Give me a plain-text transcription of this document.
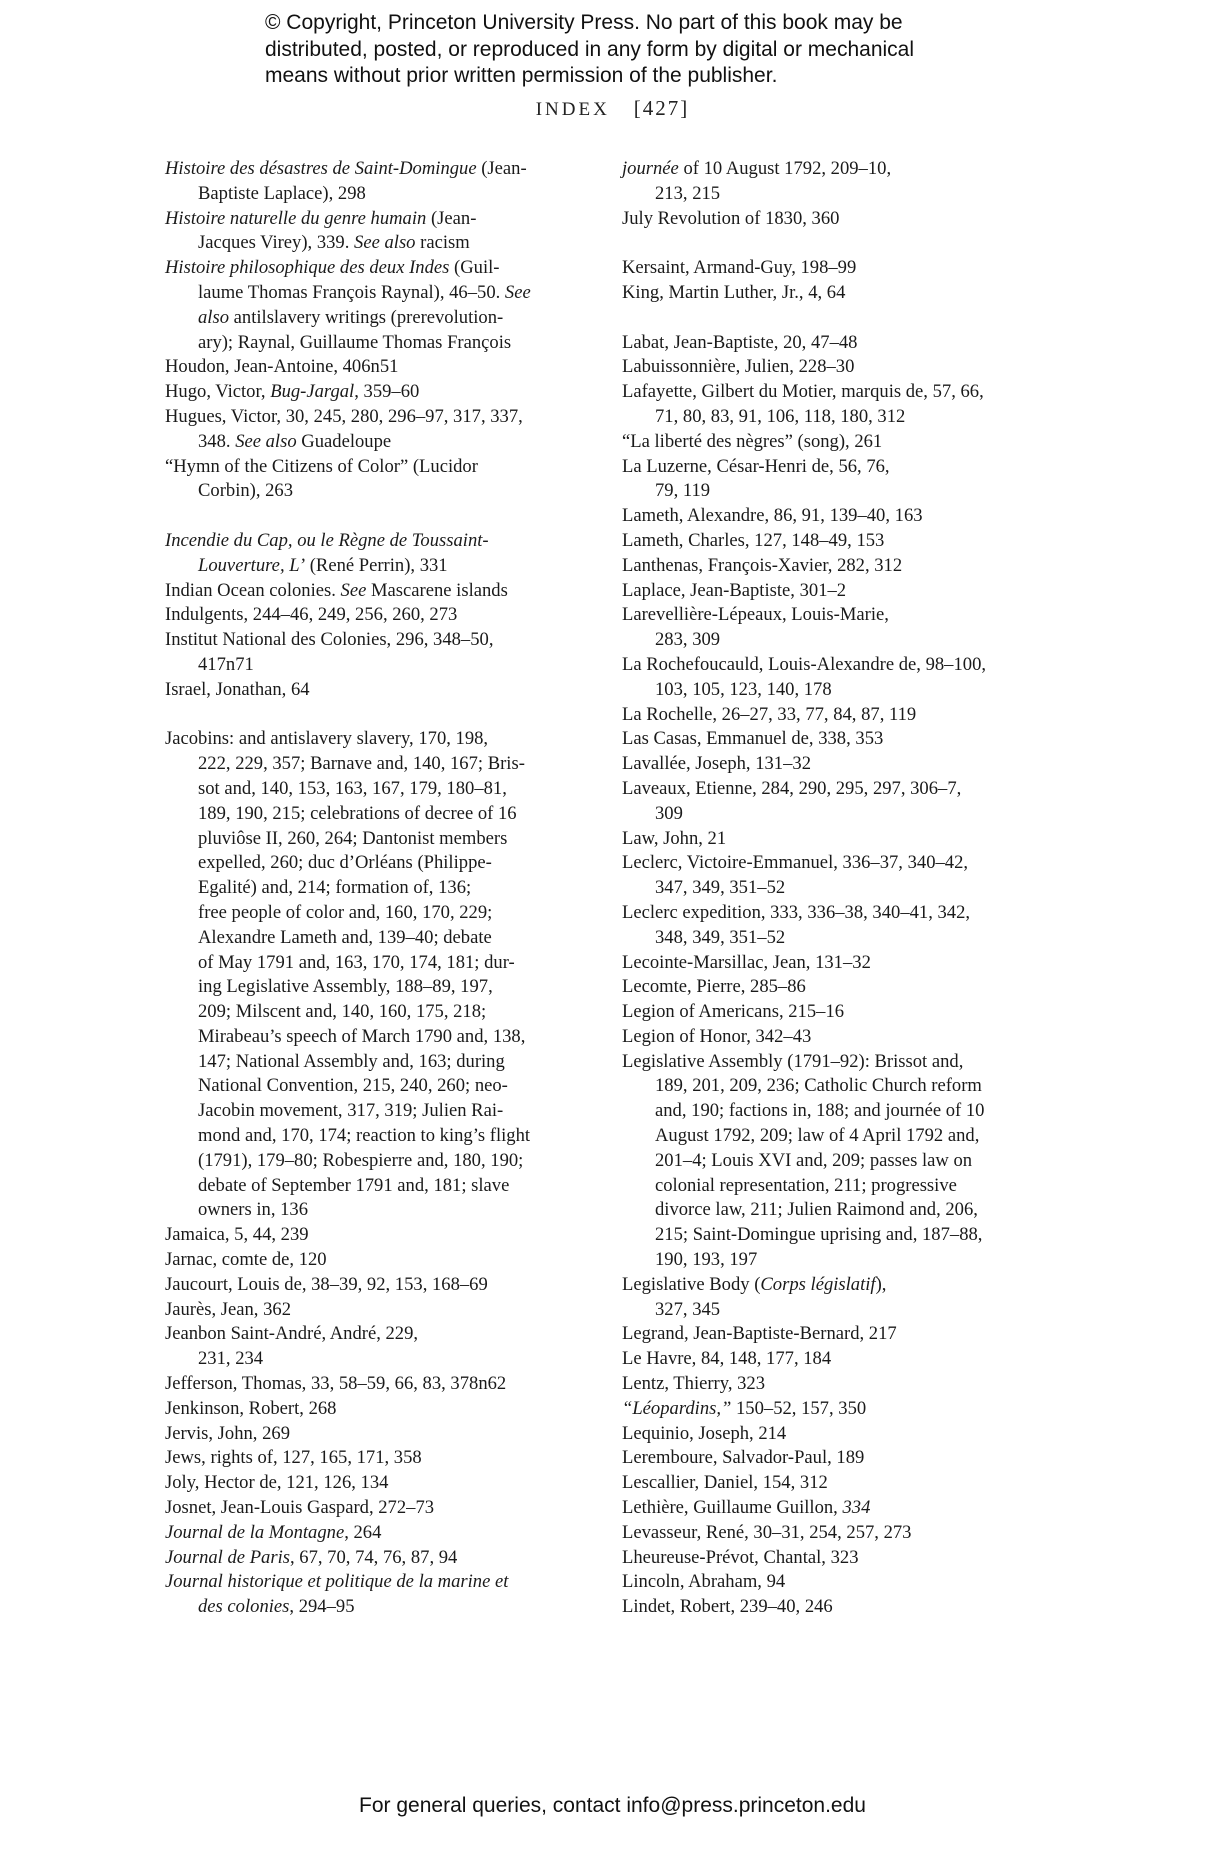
© Copyright, Princeton University Press. No part of this book may be
distributed, posted, or reproduced in any form by digital or mechanical
means without prior written permission of the publisher.
INDEX [427]
Histoire des désastres de Saint-Domingue (Jean-
Baptiste Laplace), 298
Histoire naturelle du genre humain (Jean-
Jacques Virey), 339. See also racism
Histoire philosophique des deux Indes (Guil-
laume Thomas François Raynal), 46–50. See
also antilslavery writings (prerevolution-
ary); Raynal, Guillaume Thomas François
Houdon, Jean-Antoine, 406n51
Hugo, Victor, Bug-Jargal, 359–60
Hugues, Victor, 30, 245, 280, 296–97, 317, 337,
348. See also Guadeloupe
“Hymn of the Citizens of Color” (Lucidor
Corbin), 263
Incendie du Cap, ou le Règne de Toussaint-
Louverture, L’ (René Perrin), 331
Indian Ocean colonies. See Mascarene islands
Indulgents, 244–46, 249, 256, 260, 273
Institut National des Colonies, 296, 348–50,
417n71
Israel, Jonathan, 64
Jacobins: and antislavery slavery, 170, 198,
222, 229, 357; Barnave and, 140, 167; Bris-
sot and, 140, 153, 163, 167, 179, 180–81,
189, 190, 215; celebrations of decree of 16
pluviôse II, 260, 264; Dantonist members
expelled, 260; duc d’Orléans (Philippe-
Egalité) and, 214; formation of, 136;
free people of color and, 160, 170, 229;
Alexandre Lameth and, 139–40; debate
of May 1791 and, 163, 170, 174, 181; dur-
ing Legislative Assembly, 188–89, 197,
209; Milscent and, 140, 160, 175, 218;
Mirabeau’s speech of March 1790 and, 138,
147; National Assembly and, 163; during
National Convention, 215, 240, 260; neo-
Jacobin movement, 317, 319; Julien Rai-
mond and, 170, 174; reaction to king’s flight
(1791), 179–80; Robespierre and, 180, 190;
debate of September 1791 and, 181; slave
owners in, 136
Jamaica, 5, 44, 239
Jarnac, comte de, 120
Jaucourt, Louis de, 38–39, 92, 153, 168–69
Jaurès, Jean, 362
Jeanbon Saint-André, André, 229,
231, 234
Jefferson, Thomas, 33, 58–59, 66, 83, 378n62
Jenkinson, Robert, 268
Jervis, John, 269
Jews, rights of, 127, 165, 171, 358
Joly, Hector de, 121, 126, 134
Josnet, Jean-Louis Gaspard, 272–73
Journal de la Montagne, 264
Journal de Paris, 67, 70, 74, 76, 87, 94
Journal historique et politique de la marine et
des colonies, 294–95
journée of 10 August 1792, 209–10,
213, 215
July Revolution of 1830, 360
Kersaint, Armand-Guy, 198–99
King, Martin Luther, Jr., 4, 64
Labat, Jean-Baptiste, 20, 47–48
Labuissonnière, Julien, 228–30
Lafayette, Gilbert du Motier, marquis de, 57, 66,
71, 80, 83, 91, 106, 118, 180, 312
“La liberté des nègres” (song), 261
La Luzerne, César-Henri de, 56, 76,
79, 119
Lameth, Alexandre, 86, 91, 139–40, 163
Lameth, Charles, 127, 148–49, 153
Lanthenas, François-Xavier, 282, 312
Laplace, Jean-Baptiste, 301–2
Larevellière-Lépeaux, Louis-Marie,
283, 309
La Rochefoucauld, Louis-Alexandre de, 98–100,
103, 105, 123, 140, 178
La Rochelle, 26–27, 33, 77, 84, 87, 119
Las Casas, Emmanuel de, 338, 353
Lavallée, Joseph, 131–32
Laveaux, Etienne, 284, 290, 295, 297, 306–7,
309
Law, John, 21
Leclerc, Victoire-Emmanuel, 336–37, 340–42,
347, 349, 351–52
Leclerc expedition, 333, 336–38, 340–41, 342,
348, 349, 351–52
Lecointe-Marsillac, Jean, 131–32
Lecomte, Pierre, 285–86
Legion of Americans, 215–16
Legion of Honor, 342–43
Legislative Assembly (1791–92): Brissot and,
189, 201, 209, 236; Catholic Church reform
and, 190; factions in, 188; and journée of 10
August 1792, 209; law of 4 April 1792 and,
201–4; Louis XVI and, 209; passes law on
colonial representation, 211; progressive
divorce law, 211; Julien Raimond and, 206,
215; Saint-Domingue uprising and, 187–88,
190, 193, 197
Legislative Body (Corps législatif),
327, 345
Legrand, Jean-Baptiste-Bernard, 217
Le Havre, 84, 148, 177, 184
Lentz, Thierry, 323
“Léopardins,” 150–52, 157, 350
Lequinio, Joseph, 214
Leremboure, Salvador-Paul, 189
Lescallier, Daniel, 154, 312
Lethière, Guillaume Guillon, 334
Levasseur, René, 30–31, 254, 257, 273
Lheureuse-Prévot, Chantal, 323
Lincoln, Abraham, 94
Lindet, Robert, 239–40, 246
For general queries, contact info@press.princeton.edu
